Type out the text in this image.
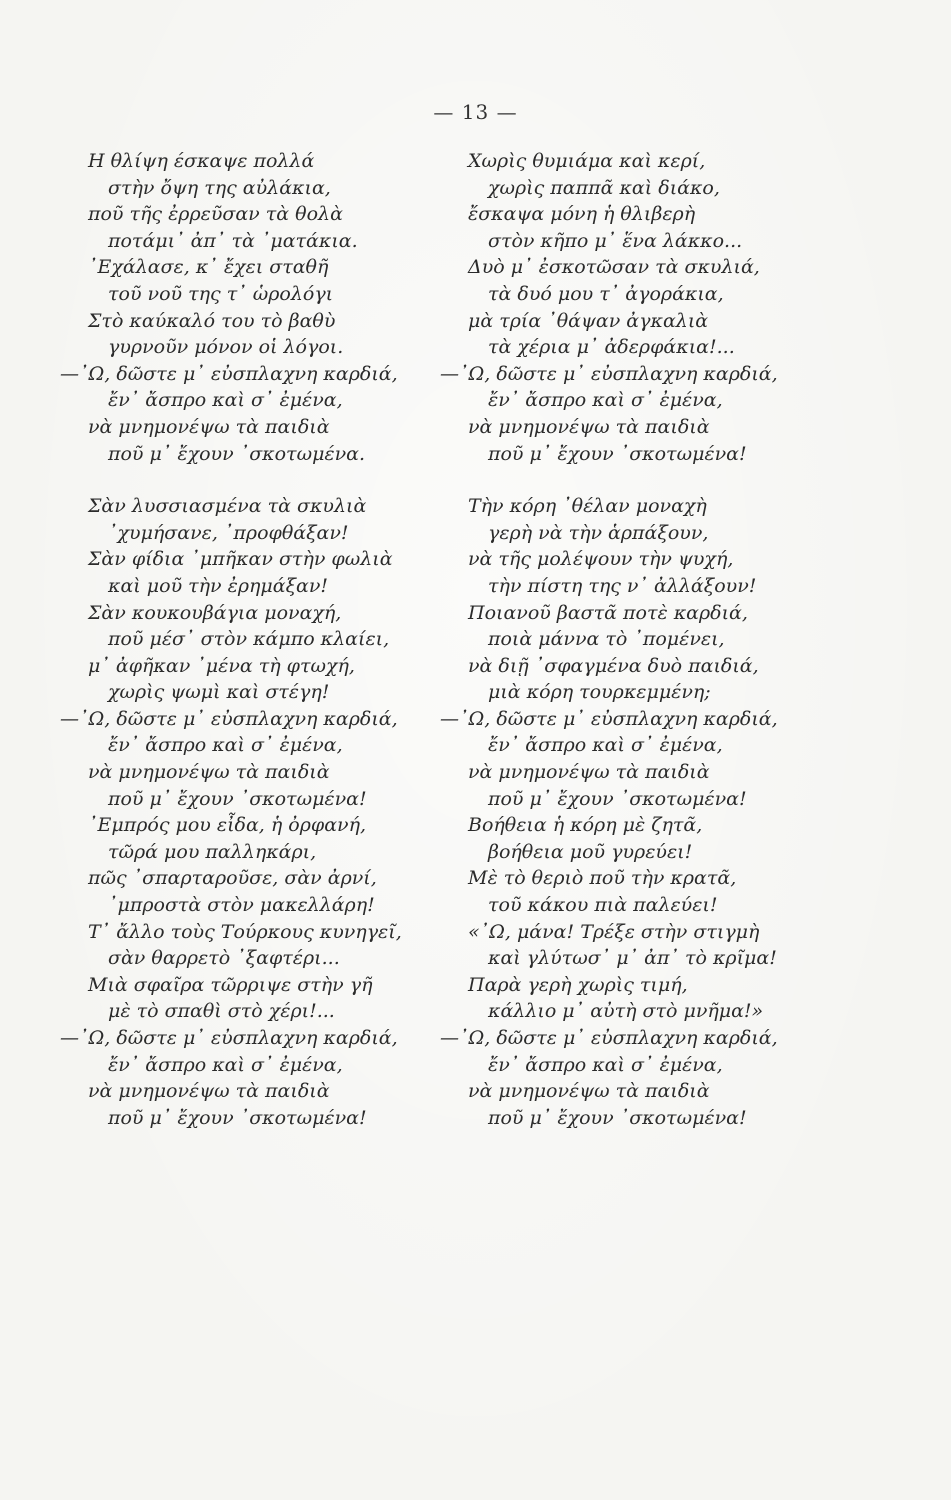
— 13 —
Η θλίψη έσκαψε πολλά
στὴν ὄψη της αὐλάκια,
ποῦ τῆς ἐρρεῦσαν τὰ θολὰ
ποτάμι᾽ ἀπ᾽ τὰ ᾽ματάκια.
᾽Εχάλασε, κ᾽ ἔχει σταθῆ
τοῦ νοῦ της τ᾽ ὡρολόγι
Στὸ καύκαλό του τὸ βαθὺ
γυρνοῦν μόνον οἱ λόγοι.
—᾽Ω, δῶστε μ᾽ εὐσπλαχνη καρδιά,
ἔν᾽ ἄσπρο καὶ σ᾽ ἐμένα,
νὰ μνημονέψω τὰ παιδιὰ
ποῦ μ᾽ ἔχουν ᾽σκοτωμένα.
Σὰν λυσσιασμένα τὰ σκυλιὰ
᾽χυμήσανε, ᾽προφθάξαν!
Σὰν φίδια ᾽μπῆκαν στὴν φωλιὰ
καὶ μοῦ τὴν ἐρημάξαν!
Σὰν κουκουβάγια μοναχή,
ποῦ μέσ᾽ στὸν κάμπο κλαίει,
μ᾽ ἀφῆκαν ᾽μένα τὴ φτωχή,
χωρὶς ψωμὶ καὶ στέγη!
—᾽Ω, δῶστε μ᾽ εὐσπλαχνη καρδιά,
ἔν᾽ ἄσπρο καὶ σ᾽ ἐμένα,
νὰ μνημονέψω τὰ παιδιὰ
ποῦ μ᾽ ἔχουν ᾽σκοτωμένα!
᾽Εμπρός μου εἶδα, ἡ ὀρφανή,
τῶρά μου παλληκάρι,
πῶς ᾽σπαρταροῦσε, σὰν ἀρνί,
᾽μπροστὰ στὸν μακελλάρη!
Τ᾽ ἄλλο τοὺς Τούρκους κυνηγεῖ,
σὰν θαρρετὸ ᾽ξαφτέρι...
Μιὰ σφαῖρα τῶρριψε στὴν γῆ
μὲ τὸ σπαθὶ στὸ χέρι!...
—᾽Ω, δῶστε μ᾽ εὐσπλαχνη καρδιά,
ἔν᾽ ἄσπρο καὶ σ᾽ ἐμένα,
νὰ μνημονέψω τὰ παιδιὰ
ποῦ μ᾽ ἔχουν ᾽σκοτωμένα!
Χωρὶς θυμιάμα καὶ κερί,
χωρὶς παππᾶ καὶ διάκο,
ἔσκαψα μόνη ἡ θλιβερὴ
στὸν κῆπο μ᾽ ἕνα λάκκο...
Δυὸ μ᾽ ἐσκοτῶσαν τὰ σκυλιά,
τὰ δυό μου τ᾽ ἀγοράκια,
μὰ τρία ᾽θάψαν ἀγκαλιὰ
τὰ χέρια μ᾽ ἀδερφάκια!...
—᾽Ω, δῶστε μ᾽ εὐσπλαχνη καρδιά,
ἔν᾽ ἄσπρο καὶ σ᾽ ἐμένα,
νὰ μνημονέψω τὰ παιδιὰ
ποῦ μ᾽ ἔχουν ᾽σκοτωμένα!
Τὴν κόρη ᾽θέλαν μοναχὴ
γερὴ νὰ τὴν ἁρπάξουν,
νὰ τῆς μολέψουν τὴν ψυχή,
τὴν πίστη της ν᾽ ἀλλάξουν!
Ποιανοῦ βαστᾶ ποτὲ καρδιά,
ποιὰ μάννα τὸ ᾽πομένει,
νὰ διῇ ᾽σφαγμένα δυὸ παιδιά,
μιὰ κόρη τουρκεμμένη;
—᾽Ω, δῶστε μ᾽ εὐσπλαχνη καρδιά,
ἔν᾽ ἄσπρο καὶ σ᾽ ἐμένα,
νὰ μνημονέψω τὰ παιδιὰ
ποῦ μ᾽ ἔχουν ᾽σκοτωμένα!
Βοήθεια ἡ κόρη μὲ ζητᾶ,
βοήθεια μοῦ γυρεύει!
Μὲ τὸ θεριὸ ποῦ τὴν κρατᾶ,
τοῦ κάκου πιὰ παλεύει!
«᾽Ω, μάνα! Τρέξε στὴν στιγμὴ
καὶ γλύτωσ᾽ μ᾽ ἀπ᾽ τὸ κρῖμα!
Παρὰ γερὴ χωρὶς τιμή,
κάλλιο μ᾽ αὐτὴ στὸ μνῆμα!»
—᾽Ω, δῶστε μ᾽ εὐσπλαχνη καρδιά,
ἔν᾽ ἄσπρο καὶ σ᾽ ἐμένα,
νὰ μνημονέψω τὰ παιδιὰ
ποῦ μ᾽ ἔχουν ᾽σκοτωμένα!
